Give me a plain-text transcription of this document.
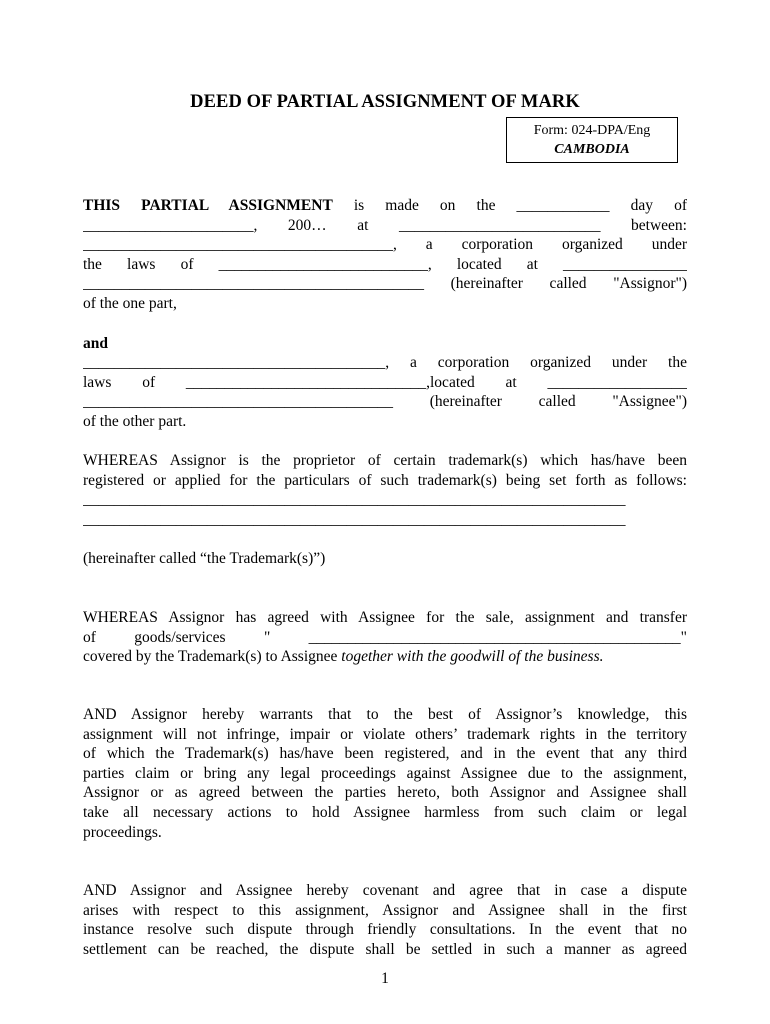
DEED OF PARTIAL ASSIGNMENT OF MARK
Form: 024-DPA/Eng
CAMBODIA
THIS PARTIAL ASSIGNMENT is made on the ____________ day of
______________________, 200… at __________________________ between:
________________________________________, a corporation organized under
the laws of ___________________________, located at ________________
____________________________________________ (hereinafter called "Assignor")
of the one part,
and
_______________________________________, a corporation organized under the
laws of _______________________________,located at __________________
________________________________________ (hereinafter called "Assignee")
of the other part.
WHEREAS Assignor is the proprietor of certain trademark(s) which has/have been
registered or applied for the particulars of such trademark(s) being set forth as follows:
______________________________________________________________________
______________________________________________________________________
(hereinafter called “the Trademark(s)”)
WHEREAS Assignor has agreed with Assignee for the sale, assignment and transfer
of goods/services " ________________________________________________"
covered by the Trademark(s) to Assignee together with the goodwill of the business.
AND Assignor hereby warrants that to the best of Assignor’s knowledge, this
assignment will not infringe, impair or violate others’ trademark rights in the territory
of which the Trademark(s) has/have been registered, and in the event that any third
parties claim or bring any legal proceedings against Assignee due to the assignment,
Assignor or as agreed between the parties hereto, both Assignor and Assignee shall
take all necessary actions to hold Assignee harmless from such claim or legal
proceedings.
AND Assignor and Assignee hereby covenant and agree that in case a dispute
arises with respect to this assignment, Assignor and Assignee shall in the first
instance resolve such dispute through friendly consultations. In the event that no
settlement can be reached, the dispute shall be settled in such a manner as agreed
1
